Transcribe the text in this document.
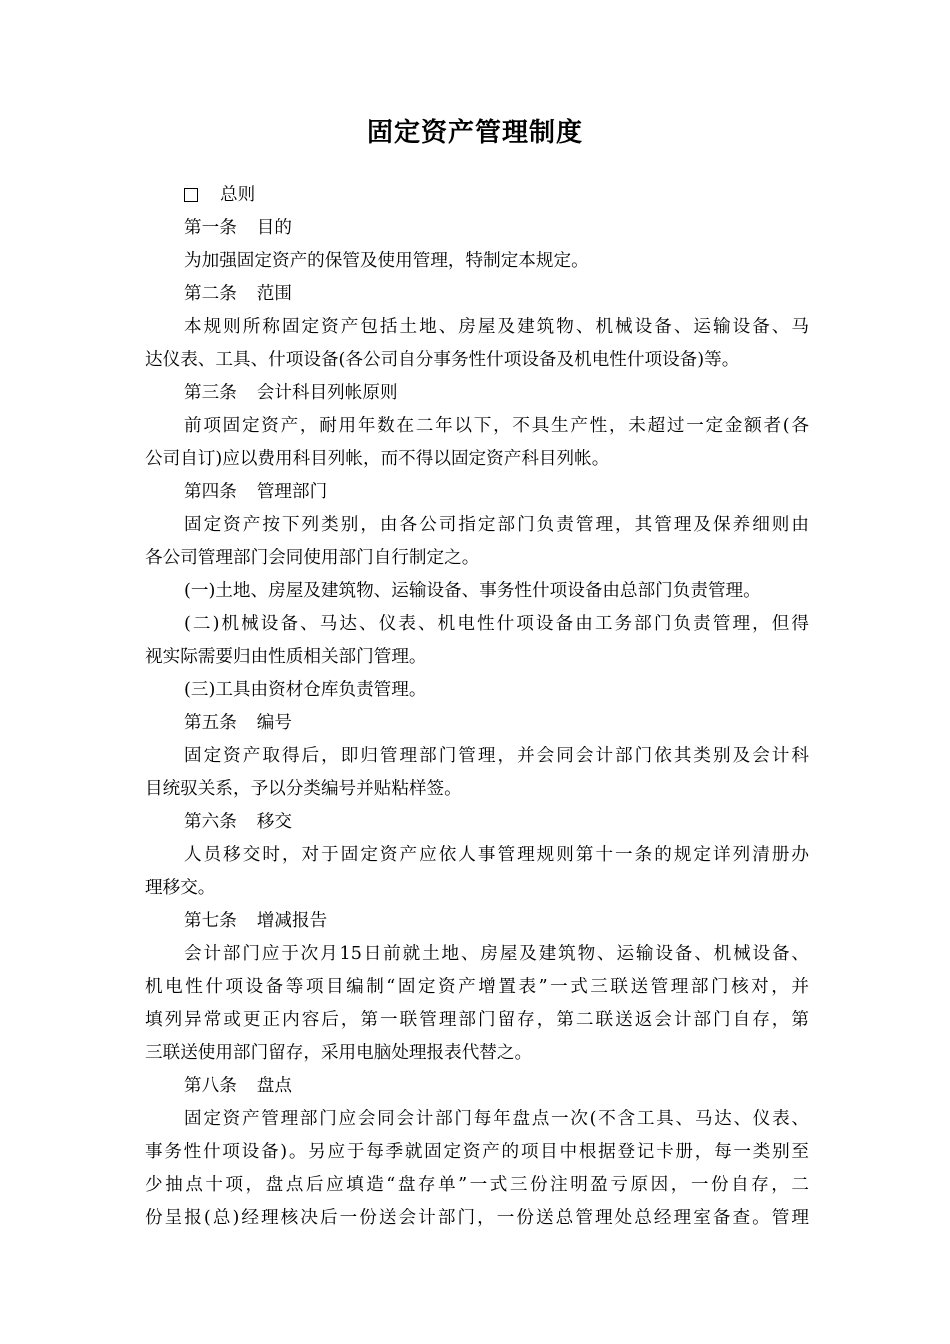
固定资产管理制度
总则
第一条 目的
为加强固定资产的保管及使用管理，特制定本规定。
第二条 范围
本规则所称固定资产包括土地、房屋及建筑物、机械设备、运输设备、马
达仪表、工具、什项设备(各公司自分事务性什项设备及机电性什项设备)等。
第三条 会计科目列帐原则
前项固定资产，耐用年数在二年以下，不具生产性，未超过一定金额者(各
公司自订)应以费用科目列帐，而不得以固定资产科目列帐。
第四条 管理部门
固定资产按下列类别，由各公司指定部门负责管理，其管理及保养细则由
各公司管理部门会同使用部门自行制定之。
(一)土地、房屋及建筑物、运输设备、事务性什项设备由总部门负责管理。
(二)机械设备、马达、仪表、机电性什项设备由工务部门负责管理，但得
视实际需要归由性质相关部门管理。
(三)工具由资材仓库负责管理。
第五条 编号
固定资产取得后，即归管理部门管理，并会同会计部门依其类别及会计科
目统驭关系，予以分类编号并贴粘样签。
第六条 移交
人员移交时，对于固定资产应依人事管理规则第十一条的规定详列清册办
理移交。
第七条 增减报告
会计部门应于次月15日前就土地、房屋及建筑物、运输设备、机械设备、
机电性什项设备等项目编制“固定资产增置表”一式三联送管理部门核对，并
填列异常或更正内容后，第一联管理部门留存，第二联送返会计部门自存，第
三联送使用部门留存，采用电脑处理报表代替之。
第八条 盘点
固定资产管理部门应会同会计部门每年盘点一次(不含工具、马达、仪表、
事务性什项设备)。另应于每季就固定资产的项目中根据登记卡册，每一类别至
少抽点十项，盘点后应填造“盘存单”一式三份注明盈亏原因，一份自存，二
份呈报(总)经理核决后一份送会计部门，一份送总管理处总经理室备查。管理
